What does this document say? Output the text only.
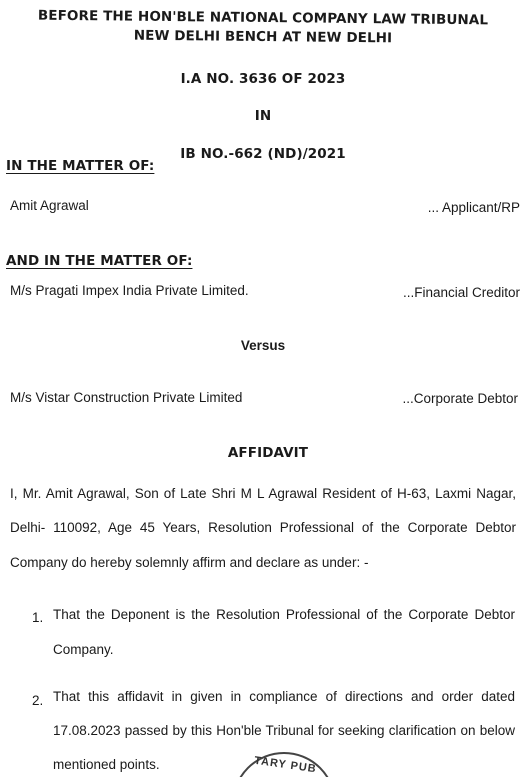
BEFORE THE HON'BLE NATIONAL COMPANY LAW TRIBUNAL
NEW DELHI BENCH AT NEW DELHI
I.A NO. 3636 OF 2023
IN
IB NO.-662 (ND)/2021
IN THE MATTER OF:
Amit Agrawal	... Applicant/RP
AND IN THE MATTER OF:
M/s Pragati Impex India Private Limited.	...Financial Creditor
Versus
M/s Vistar Construction Private Limited	...Corporate Debtor
AFFIDAVIT
I, Mr. Amit Agrawal, Son of Late Shri M L Agrawal Resident of H-63, Laxmi Nagar,
Delhi- 110092, Age 45 Years, Resolution Professional of the Corporate Debtor
Company do hereby solemnly affirm and declare as under: -
1. That the Deponent is the Resolution Professional of the Corporate Debtor
Company.
2. That this affidavit in given in compliance of directions and order dated
17.08.2023 passed by this Hon'ble Tribunal for seeking clarification on below
mentioned points.	TARY PUB
